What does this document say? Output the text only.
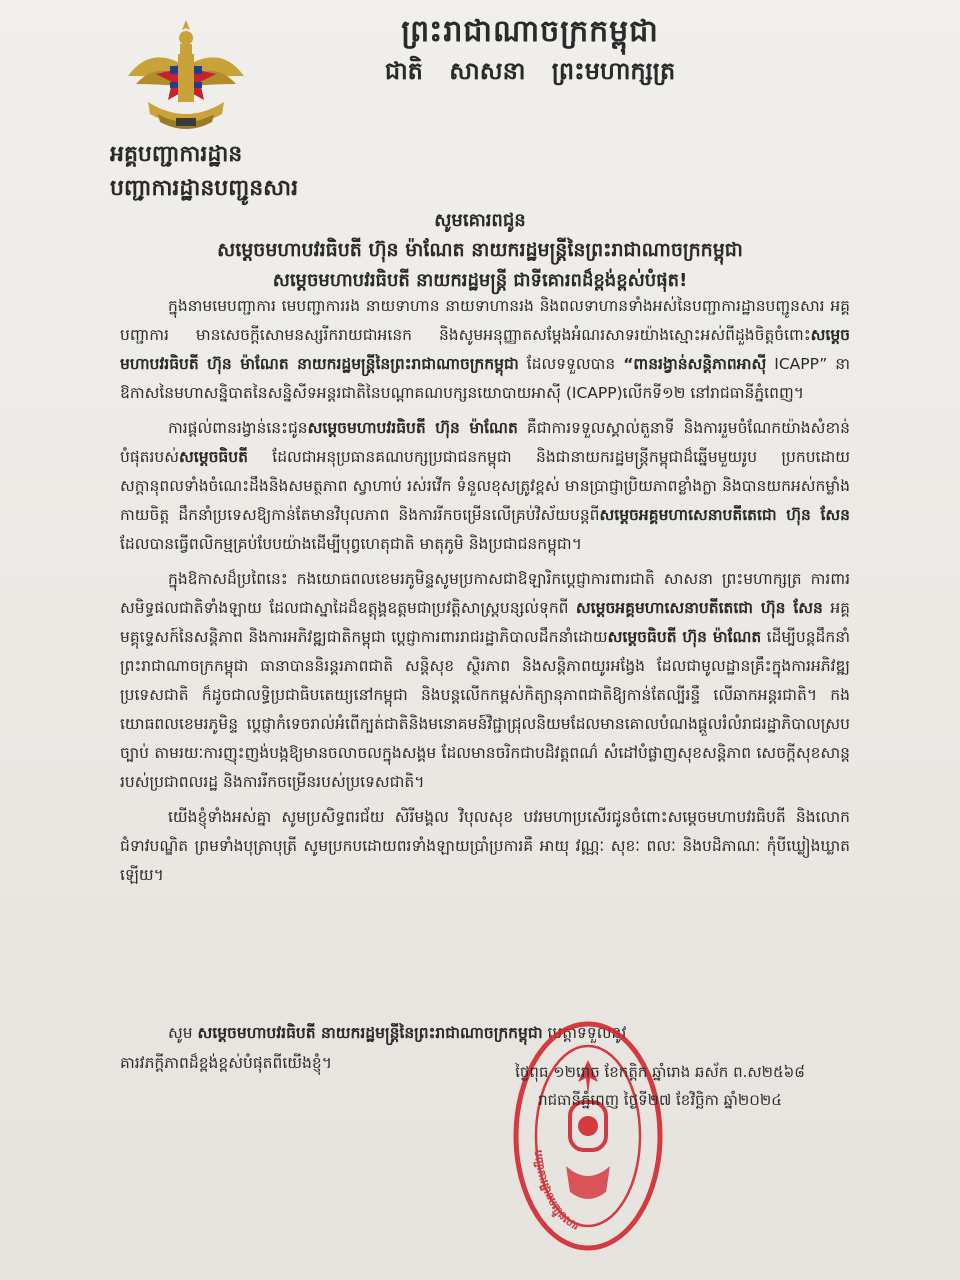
ព្រះរាជាណាចក្រកម្ពុជា
ជាតិ សាសនា ព្រះមហាក្សត្រ
អគ្គបញ្ជាការដ្ឋាន
បញ្ជាការដ្ឋានបញ្ជូនសារ
សូមគោរពជូន
សម្ដេចមហាបវរធិបតី ហ៊ុន ម៉ាណែត នាយករដ្ឋមន្ត្រីនៃព្រះរាជាណាចក្រកម្ពុជា
សម្ដេចមហាបវរធិបតី នាយករដ្ឋមន្ត្រី ជាទីគោរពដ៏ខ្ពង់ខ្ពស់បំផុត!

ក្នុងនាមមេបញ្ជាការ មេបញ្ជាការរង នាយទាហាន នាយទាហានរង និងពលទាហានទាំងអស់នៃបញ្ជាការដ្ឋានបញ្ជូនសារ អគ្គបញ្ជាការ មានសេចក្ដីសោមនស្សរីករាយជាអនេក និងសូមអនុញ្ញាតសម្ដែងអំណរសាទរយ៉ាងស្មោះអស់ពីដួងចិត្តចំពោះសម្ដេចមហាបវរធិបតី ហ៊ុន ម៉ាណែត នាយករដ្ឋមន្ត្រីនៃព្រះរាជាណាចក្រកម្ពុជា ដែលទទួលបាន “ពានរង្វាន់សន្តិភាពអាស៊ី ICAPP” នាឱកាសនៃមហាសន្និបាតនៃសន្និសីទអន្តរជាតិនៃបណ្ដាគណបក្សនយោបាយអាស៊ី (ICAPP)លើកទី១២ នៅរាជធានីភ្នំពេញ។

ការផ្ដល់ពានរង្វាន់នេះជូនសម្ដេចមហាបវរធិបតី ហ៊ុន ម៉ាណែត គឺជាការទទួលស្គាល់តួនាទី និងការរួមចំណែកយ៉ាងសំខាន់បំផុតរបស់សម្ដេចធិបតី ដែលជាអនុប្រធានគណបក្សប្រជាជនកម្ពុជា និងជានាយករដ្ឋមន្ត្រីកម្ពុជាដ៏ឆ្នើមមួយរូប ប្រកបដោយសក្ដានុពលទាំងចំណេះដឹងនិងសមត្ថភាព ស្វាហាប់ រស់រវើក ទំនួលខុសត្រូវខ្ពស់ មានប្រាជ្ញាប្រិយភាពខ្លាំងក្លា និងបានយកអស់កម្លាំងកាយចិត្ត ដឹកនាំប្រទេសឱ្យកាន់តែមានវិបុលភាព និងការរីកចម្រើនលើគ្រប់វិស័យបន្តពីសម្ដេចអគ្គមហាសេនាបតីតេជោ ហ៊ុន សែន ដែលបានធ្វើពលិកម្មគ្រប់បែបយ៉ាងដើម្បីបុព្វហេតុជាតិ មាតុភូមិ និងប្រជាជនកម្ពុជា។

ក្នុងឱកាសដ៏ប្រពៃនេះ កងយោធពលខេមរភូមិន្ទសូមប្រកាសជាឱឡារិកប្ដេជ្ញាការពារជាតិ សាសនា ព្រះមហាក្សត្រ ការពារសមិទ្ធផលជាតិទាំងឡាយ ដែលជាស្នាដៃដ៏ឧត្តុង្គឧត្តមជាប្រវត្តិសាស្ត្របន្សល់ទុកពី សម្ដេចអគ្គមហាសេនាបតីតេជោ ហ៊ុន សែន អគ្គមគ្គុទ្ទេសក៍នៃសន្តិភាព និងការអភិវឌ្ឍជាតិកម្ពុជា ប្ដេជ្ញាការពាររាជរដ្ឋាភិបាលដឹកនាំដោយសម្ដេចធិបតី ហ៊ុន ម៉ាណែត ដើម្បីបន្តដឹកនាំព្រះរាជាណាចក្រកម្ពុជា ធានាបាននិរន្តរភាពជាតិ សន្តិសុខ ស្ថិរភាព និងសន្តិភាពយូរអង្វែង ដែលជាមូលដ្ឋានគ្រឹះក្នុងការអភិវឌ្ឍប្រទេសជាតិ ក៏ដូចជាលទ្ធិប្រជាធិបតេយ្យនៅកម្ពុជា និងបន្តលើកកម្ពស់កិត្យានុភាពជាតិឱ្យកាន់តែល្បីរន្ទឺ លើឆាកអន្តរជាតិ។ កងយោធពលខេមរភូមិន្ទ ប្ដេជ្ញាកំទេចរាល់អំពើក្បត់ជាតិនិងមនោគមន៍វិជ្ជាជ្រុលនិយមដែលមានគោលបំណងផ្ដួលរំលំរាជរដ្ឋាភិបាលស្របច្បាប់ តាមរយៈការញុះញង់បង្កឱ្យមានចលាចលក្នុងសង្គម ដែលមានចរិកជាបដិវត្តពណ៌ សំដៅបំផ្លាញសុខសន្តិភាព សេចក្ដីសុខសាន្តរបស់ប្រជាពលរដ្ឋ និងការរីកចម្រើនរបស់ប្រទេសជាតិ។

យើងខ្ញុំទាំងអស់គ្នា សូមប្រសិទ្ធពរជ័យ សិរីមង្គល វិបុលសុខ បវរមហាប្រសើរជូនចំពោះសម្ដេចមហាបវរធិបតី និងលោកជំទាវបណ្ឌិត ព្រមទាំងបុត្រាបុត្រី សូមប្រកបដោយពរទាំងឡាយប្រាំប្រការគឺ អាយុ វណ្ណៈ សុខៈ ពលៈ និងបដិភាណៈ កុំបីឃ្លៀងឃ្លាតឡើយ។

សូម សម្ដេចមហាបវរធិបតី នាយករដ្ឋមន្ត្រីនៃព្រះរាជាណាចក្រកម្ពុជា មេត្តាទទួលនូវ

គារវភក្ដីភាពដ៏ខ្ពង់ខ្ពស់បំផុតពីយើងខ្ញុំ។

បញ្ជាការដ្ឋានបញ្ជូនសារ
ថ្ងៃពុធ ១២រោច ខែកត្ដិក ឆ្នាំរោង ឆស័ក ព.ស២៥៦៨
រាជធានីភ្នំពេញ ថ្ងៃទី២៧ ខែវិច្ឆិកា ឆ្នាំ២០២៤
